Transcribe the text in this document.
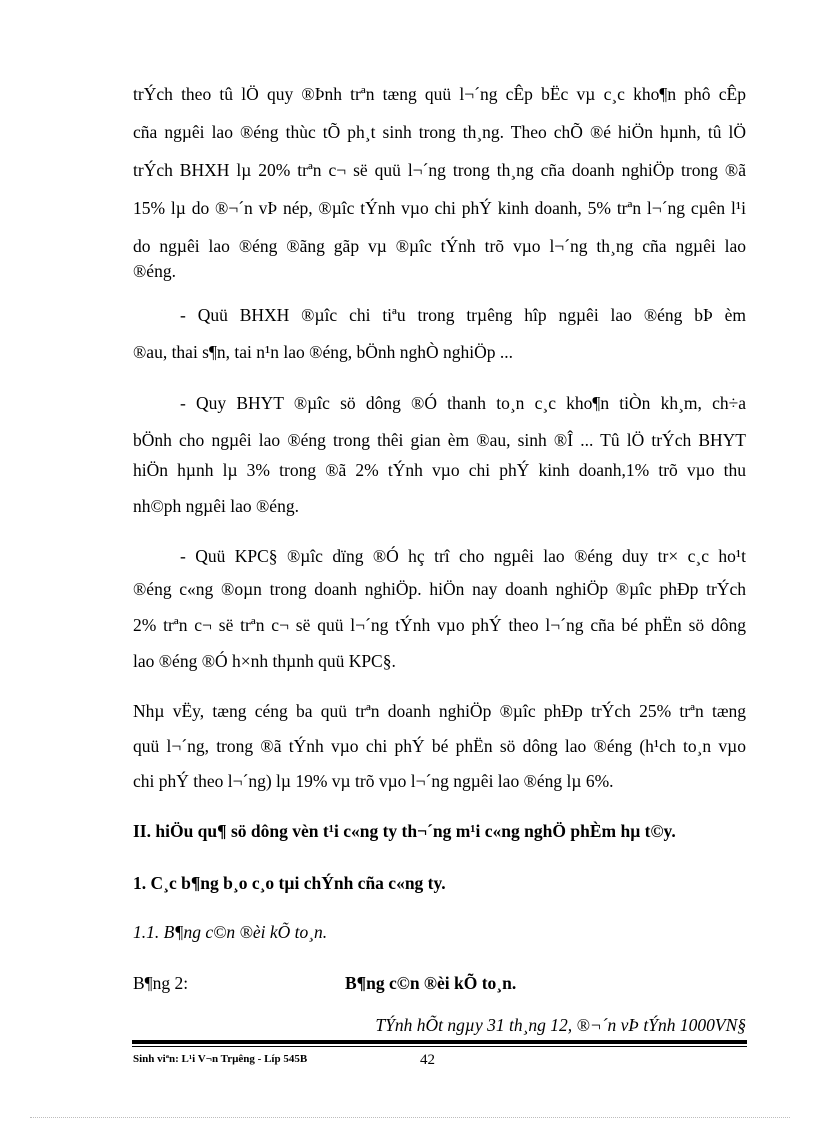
trÝch theo tû lÖ quy ®Þnh trªn tæng quü l¬´ng cÊp bËc vµ c¸c kho¶n phô cÊp
cña ngµêi lao ®éng thùc tÕ ph¸t sinh trong th¸ng. Theo chÕ ®é hiÖn hµnh, tû lÖ
trÝch BHXH lµ 20% trªn c¬ së quü l¬´ng trong th¸ng cña doanh nghiÖp trong ®ã
15% lµ do ®¬´n vÞ nép, ®µîc tÝnh vµo chi phÝ kinh doanh, 5% trªn l¬´ng cµên l¹i
do ngµêi lao ®éng ®ãng gãp vµ ®µîc tÝnh trõ vµo l¬´ng th¸ng cña ngµêi lao
®éng.
- Quü BHXH ®µîc chi tiªu trong trµêng hîp ngµêi lao ®éng bÞ èm
®au, thai s¶n, tai n¹n lao ®éng, bÖnh nghÒ nghiÖp ...
- Quy BHYT ®µîc sö dông ®Ó thanh to¸n c¸c kho¶n tiÒn kh¸m, ch÷a
bÖnh cho ngµêi lao ®éng trong thêi gian èm ®au, sinh ®Î ... Tû lÖ trÝch BHYT
hiÖn hµnh lµ 3% trong ®ã 2% tÝnh vµo chi phÝ kinh doanh,1% trõ vµo thu
nh©ph ngµêi lao ®éng.
- Quü KPC§ ®µîc dïng ®Ó hç trî cho ngµêi lao ®éng duy tr× c¸c ho¹t
®éng c«ng ®oµn trong doanh nghiÖp. hiÖn nay doanh nghiÖp ®µîc phÐp trÝch
2% trªn c¬ së trªn c¬ së quü l¬´ng tÝnh vµo phÝ theo l¬´ng cña bé phËn sö dông
lao ®éng ®Ó h×nh thµnh quü KPC§.
Nhµ vËy, tæng céng ba quü trªn doanh nghiÖp ®µîc phÐp trÝch 25% trªn tæng
quü l¬´ng, trong ®ã tÝnh vµo chi phÝ bé phËn sö dông lao ®éng (h¹ch to¸n vµo
chi phÝ theo l¬´ng) lµ 19% vµ trõ vµo l¬´ng ngµêi lao ®éng lµ 6%.
II. hiÖu qu¶ sö dông vèn t¹i c«ng ty th¬´ng m¹i c«ng nghÖ phÈm hµ t©y.
1. C¸c b¶ng b¸o c¸o tµi chÝnh cña c«ng ty.
1.1. B¶ng c©n ®èi kÕ to¸n.
B¶ng 2:	B¶ng c©n ®èi kÕ to¸n.
TÝnh hÕt ngµy 31 th¸ng 12, ®¬´n vÞ tÝnh 1000VN§
Sinh viªn: L¹i V¬n Trµêng - Líp 545B	42
